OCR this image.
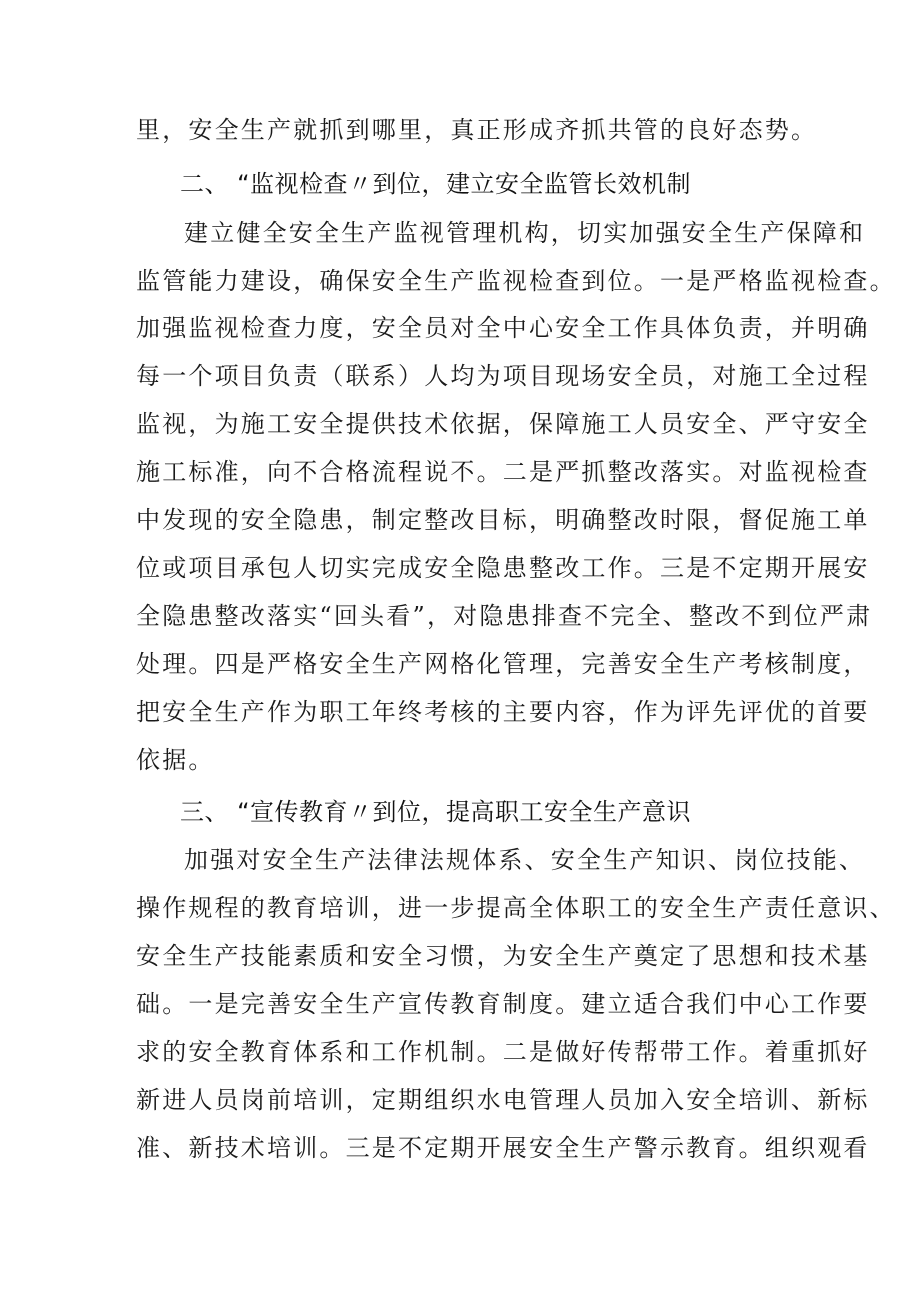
里，安全生产就抓到哪里，真正形成齐抓共管的良好态势。
二、 “监视检查〃到位，建立安全监管长效机制
建立健全安全生产监视管理机构，切实加强安全生产保障和
监管能力建设，确保安全生产监视检查到位。一是严格监视检查。
加强监视检查力度，安全员对全中心安全工作具体负责，并明确
每一个项目负责（联系）人均为项目现场安全员，对施工全过程
监视，为施工安全提供技术依据，保障施工人员安全、严守安全
施工标准，向不合格流程说不。二是严抓整改落实。对监视检查
中发现的安全隐患，制定整改目标，明确整改时限，督促施工单
位或项目承包人切实完成安全隐患整改工作。三是不定期开展安
全隐患整改落实“回头看”，对隐患排查不完全、整改不到位严肃
处理。四是严格安全生产网格化管理，完善安全生产考核制度，
把安全生产作为职工年终考核的主要内容，作为评先评优的首要
依据。
三、 “宣传教育〃到位，提高职工安全生产意识
加强对安全生产法律法规体系、安全生产知识、岗位技能、
操作规程的教育培训，进一步提高全体职工的安全生产责任意识、
安全生产技能素质和安全习惯，为安全生产奠定了思想和技术基
础。一是完善安全生产宣传教育制度。建立适合我们中心工作要
求的安全教育体系和工作机制。二是做好传帮带工作。着重抓好
新进人员岗前培训，定期组织水电管理人员加入安全培训、新标
准、新技术培训。三是不定期开展安全生产警示教育。组织观看
